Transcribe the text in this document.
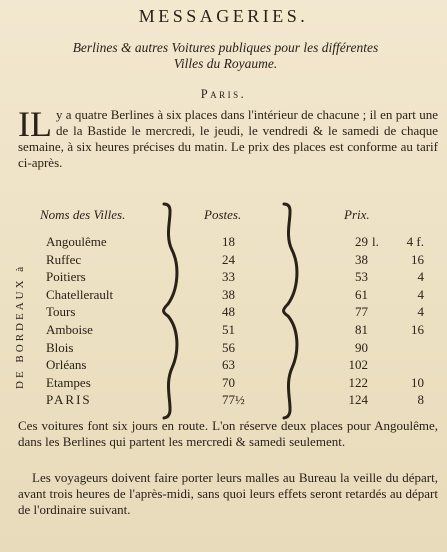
MESSAGERIES.
Berlines & autres Voitures publiques pour les différentes
Villes du Royaume.
Paris.
IL y a quatre Berlines à six places dans l'intérieur de chacune ; il en part une de la Bastide le mercredi, le jeudi, le vendredi & le samedi de chaque semaine, à six heures précises du matin. Le prix des places est conforme au tarif ci-après.
Noms des Villes.	Postes.	Prix.
DE BORDEAUX à
Angoulême	18	29 l.	4 f.
Ruffec	24	38	16
Poitiers	33	53	4
Chatellerault	38	61	4
Tours	48	77	4
Amboise	51	81	16
Blois	56	90
Orléans	63	102
Etampes	70	122	10
PARIS	77½	124	8
Ces voitures font six jours en route. L'on réserve deux places pour Angoulême, dans les Berlines qui partent les mercredi & samedi seulement.
Les voyageurs doivent faire porter leurs malles au Bureau la veille du départ, avant trois heures de l'après-midi, sans quoi leurs effets seront retardés au départ de l'ordinaire suivant.
